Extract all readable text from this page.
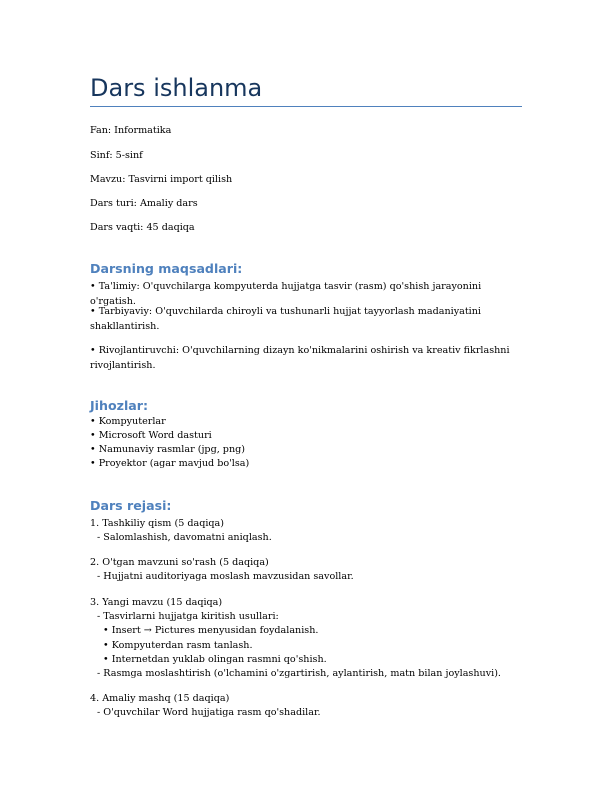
Dars ishlanma

Fan: Informatika

Sinf: 5-sinf

Mavzu: Tasvirni import qilish

Dars turi: Amaliy dars

Dars vaqti: 45 daqiqa

Darsning maqsadlari:

• Ta'limiy: O'quvchilarga kompyuterda hujjatga tasvir (rasm) qo'shish jarayonini o'rgatish.

• Tarbiyaviy: O'quvchilarda chiroyli va tushunarli hujjat tayyorlash madaniyatini shakllantirish.

• Rivojlantiruvchi: O'quvchilarning dizayn ko'nikmalarini oshirish va kreativ fikrlashni rivojlantirish.

Jihozlar:

• Kompyuterlar

• Microsoft Word dasturi

• Namunaviy rasmlar (jpg, png)

• Proyektor (agar mavjud bo'lsa)

Dars rejasi:

1. Tashkiliy qism (5 daqiqa)

- Salomlashish, davomatni aniqlash.

2. O'tgan mavzuni so'rash (5 daqiqa)

- Hujjatni auditoriyaga moslash mavzusidan savollar.

3. Yangi mavzu (15 daqiqa)

- Tasvirlarni hujjatga kiritish usullari:

• Insert → Pictures menyusidan foydalanish.

• Kompyuterdan rasm tanlash.

• Internetdan yuklab olingan rasmni qo'shish.

- Rasmga moslashtirish (o'lchamini o'zgartirish, aylantirish, matn bilan joylashuvi).

4. Amaliy mashq (15 daqiqa)

- O'quvchilar Word hujjatiga rasm qo'shadilar.
